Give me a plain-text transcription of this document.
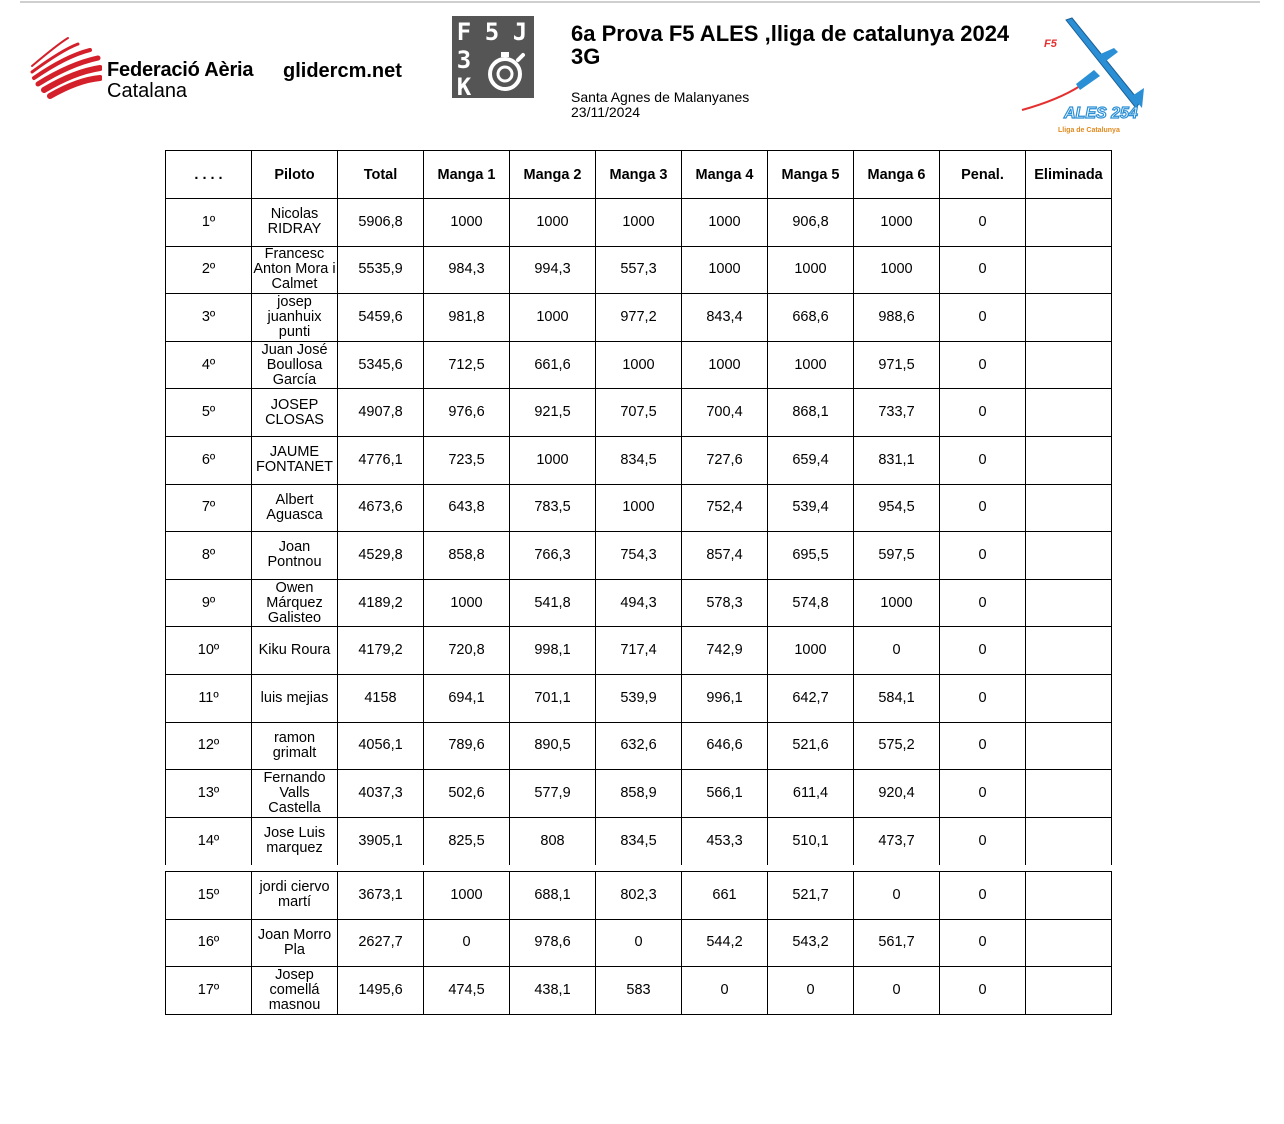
Federació Aèria
Catalana
glidercm.net
F 5 J
3
K
6a Prova F5 ALES ,lliga de catalunya 2024 3G
Santa Agnes de Malanyanes
23/11/2024
F5
ALES 254
Lliga de Catalunya
. . . .	Piloto	Total	Manga 1	Manga 2	Manga 3	Manga 4	Manga 5	Manga 6	Penal.	Eliminada
1º	Nicolas RIDRAY	5906,8	1000	1000	1000	1000	906,8	1000	0	
2º	Francesc Anton Mora i Calmet	5535,9	984,3	994,3	557,3	1000	1000	1000	0	
3º	josep juanhuix punti	5459,6	981,8	1000	977,2	843,4	668,6	988,6	0	
4º	Juan José Boullosa García	5345,6	712,5	661,6	1000	1000	1000	971,5	0	
5º	JOSEP CLOSAS	4907,8	976,6	921,5	707,5	700,4	868,1	733,7	0	
6º	JAUME FONTANET	4776,1	723,5	1000	834,5	727,6	659,4	831,1	0	
7º	Albert Aguasca	4673,6	643,8	783,5	1000	752,4	539,4	954,5	0	
8º	Joan Pontnou	4529,8	858,8	766,3	754,3	857,4	695,5	597,5	0	
9º	Owen Márquez Galisteo	4189,2	1000	541,8	494,3	578,3	574,8	1000	0	
10º	Kiku Roura	4179,2	720,8	998,1	717,4	742,9	1000	0	0	
11º	luis mejias	4158	694,1	701,1	539,9	996,1	642,7	584,1	0	
12º	ramon grimalt	4056,1	789,6	890,5	632,6	646,6	521,6	575,2	0	
13º	Fernando Valls Castella	4037,3	502,6	577,9	858,9	566,1	611,4	920,4	0	
14º	Jose Luis marquez	3905,1	825,5	808	834,5	453,3	510,1	473,7	0	
15º	jordi ciervo martí	3673,1	1000	688,1	802,3	661	521,7	0	0	
16º	Joan Morro Pla	2627,7	0	978,6	0	544,2	543,2	561,7	0	
17º	Josep comellá masnou	1495,6	474,5	438,1	583	0	0	0	0	
